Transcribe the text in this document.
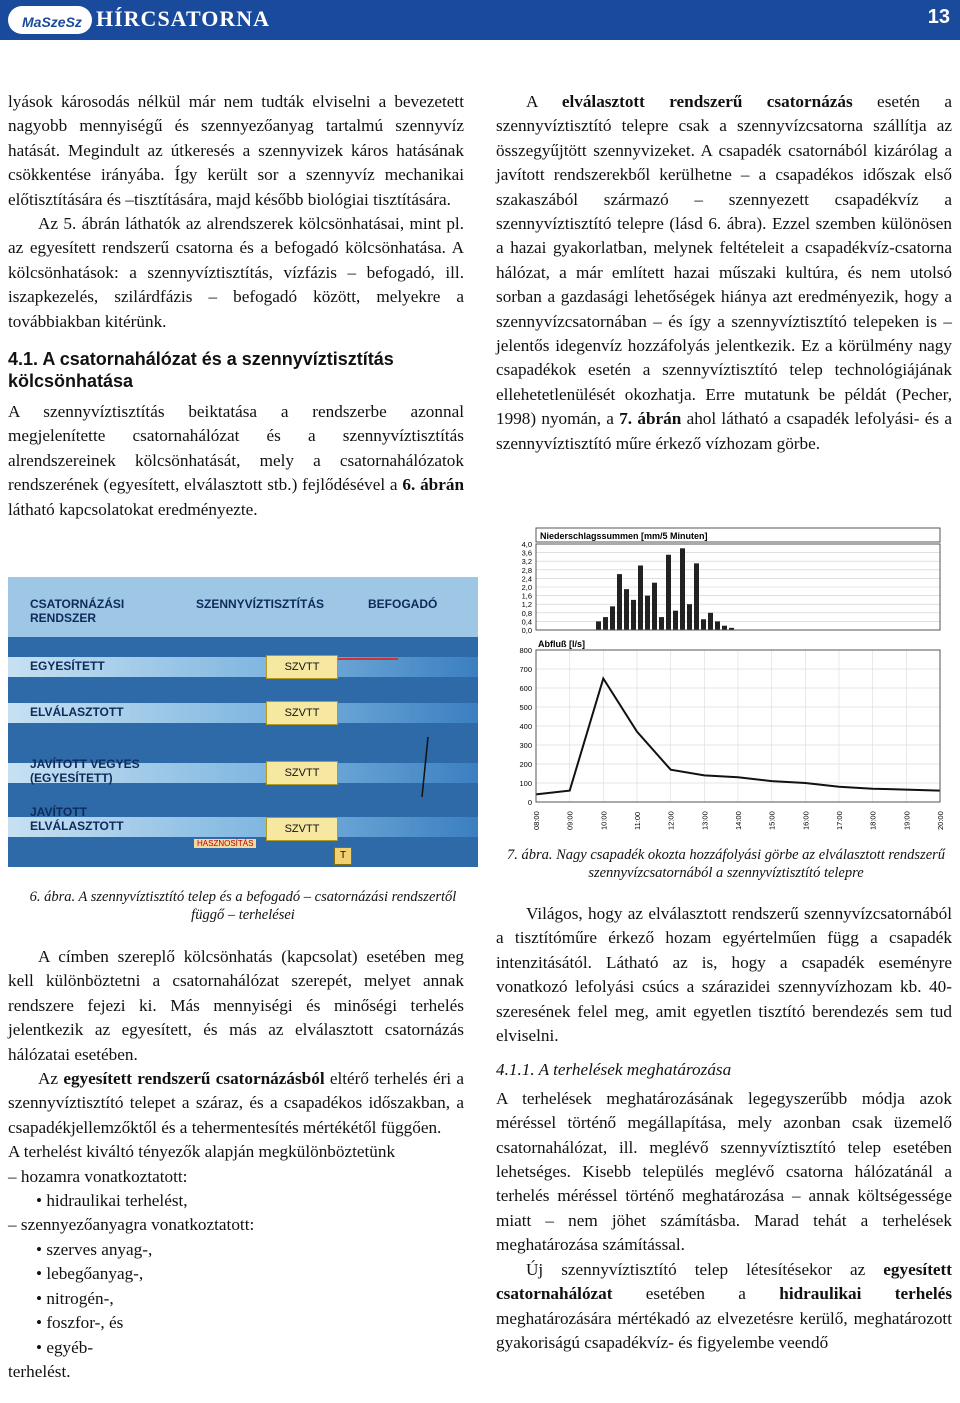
MaSzeSz HÍRCSATORNA	13

lyások károsodás nélkül már nem tudták elviselni a bevezetett nagyobb mennyiségű és szennyezőanyag tartalmú szennyvíz hatását. Megindult az útkeresés a szennyvizek káros hatásának csökkentése irányába. Így került sor a szennyvíz mechanikai előtisztítására és –tisztítására, majd később biológiai tisztítására.

Az 5. ábrán láthatók az alrendszerek kölcsönhatásai, mint pl. az egyesített rendszerű csatorna és a befogadó kölcsönhatása. A kölcsönhatások: a szennyvíztisztítás, vízfázis – befogadó, ill. iszapkezelés, szilárdfázis – befogadó között, melyekre a továbbiakban kitérünk.

4.1. A csatornahálózat és a szennyvíztisztítás kölcsönhatása

A szennyvíztisztítás beiktatása a rendszerbe azonnal megjelenítette csatornahálózat és a szennyvíztisztítás alrendszereinek kölcsönhatását, mely a csatornahálózatok rendszerének (egyesített, elválasztott stb.) fejlődésével a 6. ábrán látható kapcsolatokat eredményezte.

CSATORNÁZÁSI RENDSZER
SZENNYVÍZTISZTÍTÁS	BEFOGADÓ
EGYESÍTETT	SZVTT
ELVÁLASZTOTT	SZVTT
JAVÍTOTT VEGYES (EGYESÍTETT)	SZVTT
JAVÍTOTT ELVÁLASZTOTT	SZVTT
HASZNOSÍTÁS
T
6. ábra. A szennyvíztisztító telep és a befogadó – csatornázási rendszertől függő – terhelései

A címben szereplő kölcsönhatás (kapcsolat) esetében meg kell különböztetni a csatornahálózat szerepét, melyet annak rendszere fejezi ki. Más mennyiségi és minőségi terhelés jelentkezik az egyesített, és más az elválasztott csatornázás hálózatai esetében.

Az egyesített rendszerű csatornázásból eltérő terhelés éri a szennyvíztisztító telepet a száraz, és a csapadékos időszakban, a csapadékjellemzőktől és a tehermentesítés mértékétől függően.

A terhelést kiváltó tényezők alapján megkülönböztetünk

– hozamra vonatkoztatott:
• hidraulikai terhelést,
– szennyezőanyagra vonatkoztatott:
• szerves anyag-,
• lebegőanyag-,
• nitrogén-,
• foszfor-, és
• egyéb-
terhelést.

A elválasztott rendszerű csatornázás esetén a szennyvíztisztító telepre csak a szennyvízcsatorna szállítja az összegyűjtött szennyvizeket. A csapadék csatornából kizárólag a javított rendszerekből kerülhetne – a csapadékos időszak első szakaszából származó – szennyezett csapadékvíz a szennyvíztisztító telepre (lásd 6. ábra). Ezzel szemben különösen a hazai gyakorlatban, melynek feltételeit a csapadékvíz-csatorna hálózat, a már említett hazai műszaki kultúra, és nem utolsó sorban a gazdasági lehetőségek hiánya azt eredményezik, hogy a szennyvízcsatornában – és így a szennyvíztisztító telepeken is – jelentős idegenvíz hozzáfolyás jelentkezik. Ez a körülmény nagy csapadékok esetén a szennyvíztisztító telep technológiájának ellehetetlenülését okozhatja. Erre mutatunk be példát (Pecher, 1998) nyomán, a 7. ábrán ahol látható a csapadék lefolyási- és a szennyvíztisztító műre érkező vízhozam görbe.

Niederschlagssummen [mm/5 Minuten]
4,0
3,6
3,2
2,8
2,4
2,0
1,6
1,2
0,8
0,4
0,0
Abfluß [l/s]
800
700
600
500
400
300
200
100
0
08:00	09:00	10:00	11:00	12:00	13:00	14:00	15:00	16:00	17:00	18:00	19:00	20:00
7. ábra. Nagy csapadék okozta hozzáfolyási görbe az elválasztott rendszerű szennyvízcsatornából a szennyvíztisztító telepre

Világos, hogy az elválasztott rendszerű szennyvízcsatornából a tisztítóműre érkező hozam egyértelműen függ a csapadék intenzitásától. Látható az is, hogy a csapadék eseményre vonatkozó lefolyási csúcs a szárazidei szennyvízhozam kb. 40-szeresének felel meg, amit egyetlen tisztító berendezés sem tud elviselni.

4.1.1. A terhelések meghatározása

A terhelések meghatározásának legegyszerűbb módja azok méréssel történő megállapítása, mely azonban csak üzemelő csatornahálózat, ill. meglévő szennyvíztisztító telep esetében lehetséges. Kisebb település meglévő csatorna hálózatánál a terhelés méréssel történő meghatározása – annak költségessége miatt – nem jöhet számításba. Marad tehát a terhelések meghatározása számítással.

Új szennyvíztisztító telep létesítésekor az egyesített csatornahálózat esetében a hidraulikai terhelés meghatározására mértékadó az elvezetésre kerülő, meghatározott gyakoriságú csapadékvíz- és figyelembe veendő
